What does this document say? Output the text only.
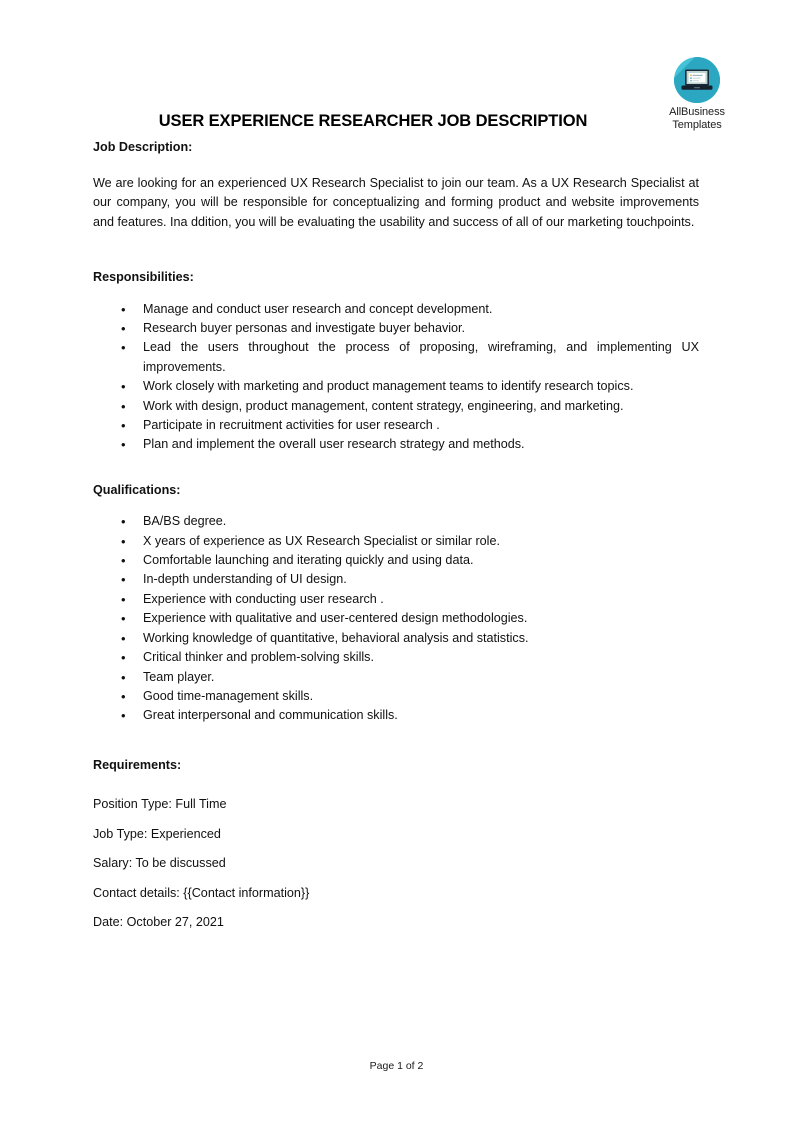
AllBusiness
Templates
USER EXPERIENCE RESEARCHER JOB DESCRIPTION
Job Description:

We are looking for an experienced UX Research Specialist to join our team. As a UX Research Specialist at our company, you will be responsible for conceptualizing and forming product and website improvements and features. Ina ddition, you will be evaluating the usability and success of all of our marketing touchpoints.

Responsibilities:
• Manage and conduct user research and concept development.
• Research buyer personas and investigate buyer behavior.
• Lead the users throughout the process of proposing, wireframing, and implementing UX improvements.
• Work closely with marketing and product management teams to identify research topics.
• Work with design, product management, content strategy, engineering, and marketing.
• Participate in recruitment activities for user research .
• Plan and implement the overall user research strategy and methods.
Qualifications:
• BA/BS degree.
• X years of experience as UX Research Specialist or similar role.
• Comfortable launching and iterating quickly and using data.
• In-depth understanding of UI design.
• Experience with conducting user research .
• Experience with qualitative and user-centered design methodologies.
• Working knowledge of quantitative, behavioral analysis and statistics.
• Critical thinker and problem-solving skills.
• Team player.
• Good time-management skills.
• Great interpersonal and communication skills.
Requirements:

Position Type: Full Time

Job Type: Experienced

Salary: To be discussed

Contact details: {{Contact information}}

Date: October 27, 2021

Page 1 of 2
